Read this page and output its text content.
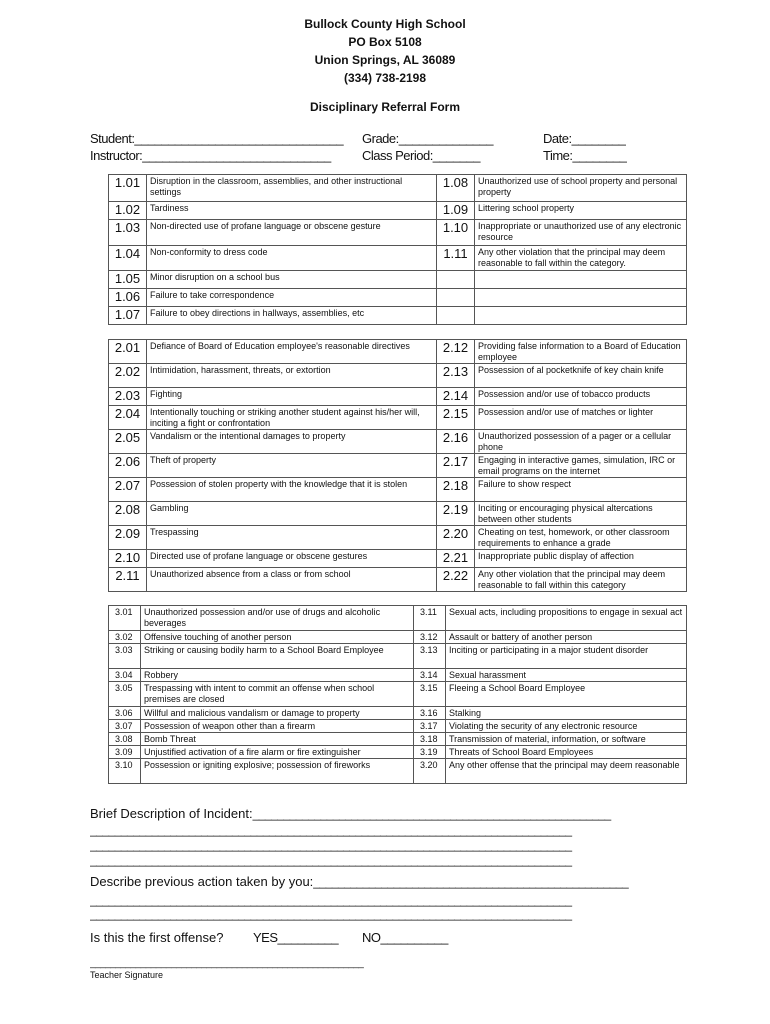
Bullock County High School
PO Box 5108
Union Springs, AL 36089
(334) 738-2198
Disciplinary Referral Form
Student:_______________________________ Grade:______________	Date:________
Instructor:____________________________ Class Period:_______	Time:________
1.01	Disruption in the classroom, assemblies, and other instructional settings	1.08	Unauthorized use of school property and personal property
1.02	Tardiness	1.09	Littering school property
1.03	Non-directed use of profane language or obscene gesture	1.10	Inappropriate or unauthorized use of any electronic resource
1.04	Non-conformity to dress code	1.11	Any other violation that the principal may deem reasonable to fall within the category.
1.05	Minor disruption on a school bus		
1.06	Failure to take correspondence		
1.07	Failure to obey directions in hallways, assemblies, etc		
2.01	Defiance of Board of Education employee's reasonable directives	2.12	Providing false information to a Board of Education employee
2.02	Intimidation, harassment, threats, or extortion	2.13	Possession of al pocketknife of key chain knife
2.03	Fighting	2.14	Possession and/or use of tobacco products
2.04	Intentionally touching or striking another student against his/her will, inciting a fight or confrontation	2.15	Possession and/or use of matches or lighter
2.05	Vandalism or the intentional damages to property	2.16	Unauthorized possession of a pager or a cellular phone
2.06	Theft of property	2.17	Engaging in interactive games, simulation, IRC or email programs on the internet
2.07	Possession of stolen property with the knowledge that it is stolen	2.18	Failure to show respect
2.08	Gambling	2.19	Inciting or encouraging physical altercations between other students
2.09	Trespassing	2.20	Cheating on test, homework, or other classroom requirements to enhance a grade
2.10	Directed use of profane language or obscene gestures	2.21	Inappropriate public display of affection
2.11	Unauthorized absence from a class or from school	2.22	Any other violation that the principal may deem reasonable to fall within this category
3.01	Unauthorized possession and/or use of drugs and alcoholic beverages	3.11	Sexual acts, including propositions to engage in sexual act
3.02	Offensive touching of another person	3.12	Assault or battery of another person
3.03	Striking or causing bodily harm to a School Board Employee	3.13	Inciting or participating in a major student disorder
3.04	Robbery	3.14	Sexual harassment
3.05	Trespassing with intent to commit an offense when school premises are closed	3.15	Fleeing a School Board Employee
3.06	Willful and malicious vandalism or damage to property	3.16	Stalking
3.07	Possession of weapon other than a firearm	3.17	Violating the security of any electronic resource
3.08	Bomb Threat	3.18	Transmission of material, information, or software
3.09	Unjustified activation of a fire alarm or fire extinguisher	3.19	Threats of School Board Employees
3.10	Possession or igniting explosive; possession of fireworks	3.20	Any other offense that the principal may deem reasonable
Brief Description of Incident:__________________________________________________________
______________________________________________________________________________
______________________________________________________________________________
______________________________________________________________________________
Describe previous action taken by you:___________________________________________________
______________________________________________________________________________
______________________________________________________________________________
Is this the first offense? YES_________ NO__________
______________________________________________________
Teacher Signature
